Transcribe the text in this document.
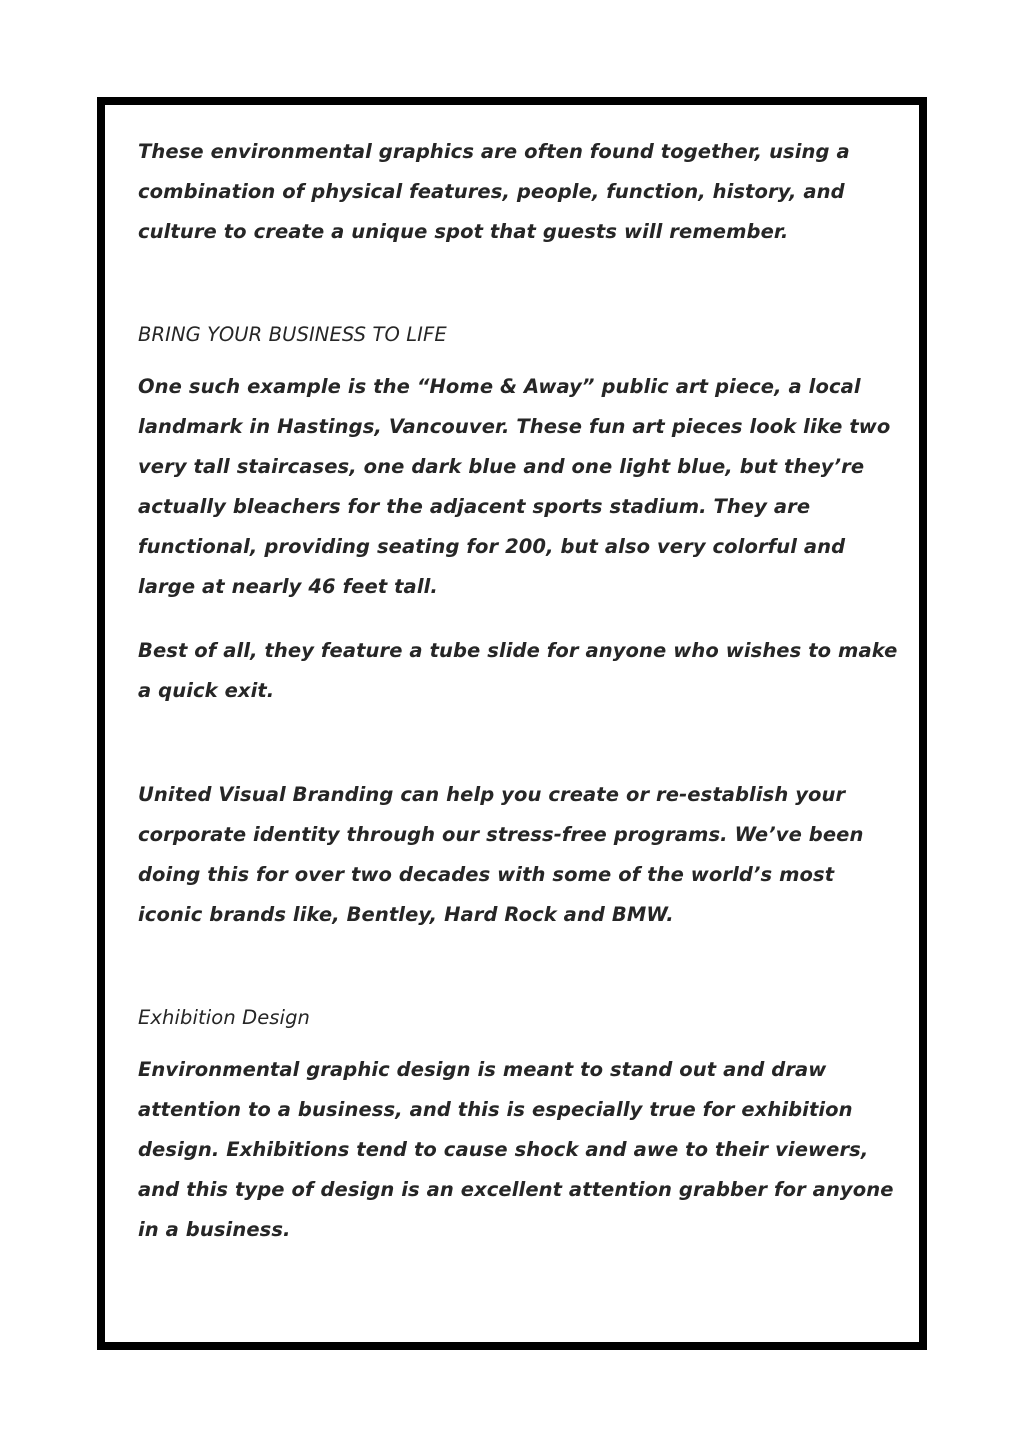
These environmental graphics are often found together, using a combination of physical features, people, function, history, and culture to create a unique spot that guests will remember.

BRING YOUR BUSINESS TO LIFE

One such example is the “Home & Away” public art piece, a local landmark in Hastings, Vancouver. These fun art pieces look like two very tall staircases, one dark blue and one light blue, but they’re actually bleachers for the adjacent sports stadium. They are functional, providing seating for 200, but also very colorful and large at nearly 46 feet tall.

Best of all, they feature a tube slide for anyone who wishes to make a quick exit.

United Visual Branding can help you create or re-establish your corporate identity through our stress-free programs. We’ve been doing this for over two decades with some of the world’s most iconic brands like, Bentley, Hard Rock and BMW.

Exhibition Design

Environmental graphic design is meant to stand out and draw attention to a business, and this is especially true for exhibition design. Exhibitions tend to cause shock and awe to their viewers, and this type of design is an excellent attention grabber for anyone in a business.
